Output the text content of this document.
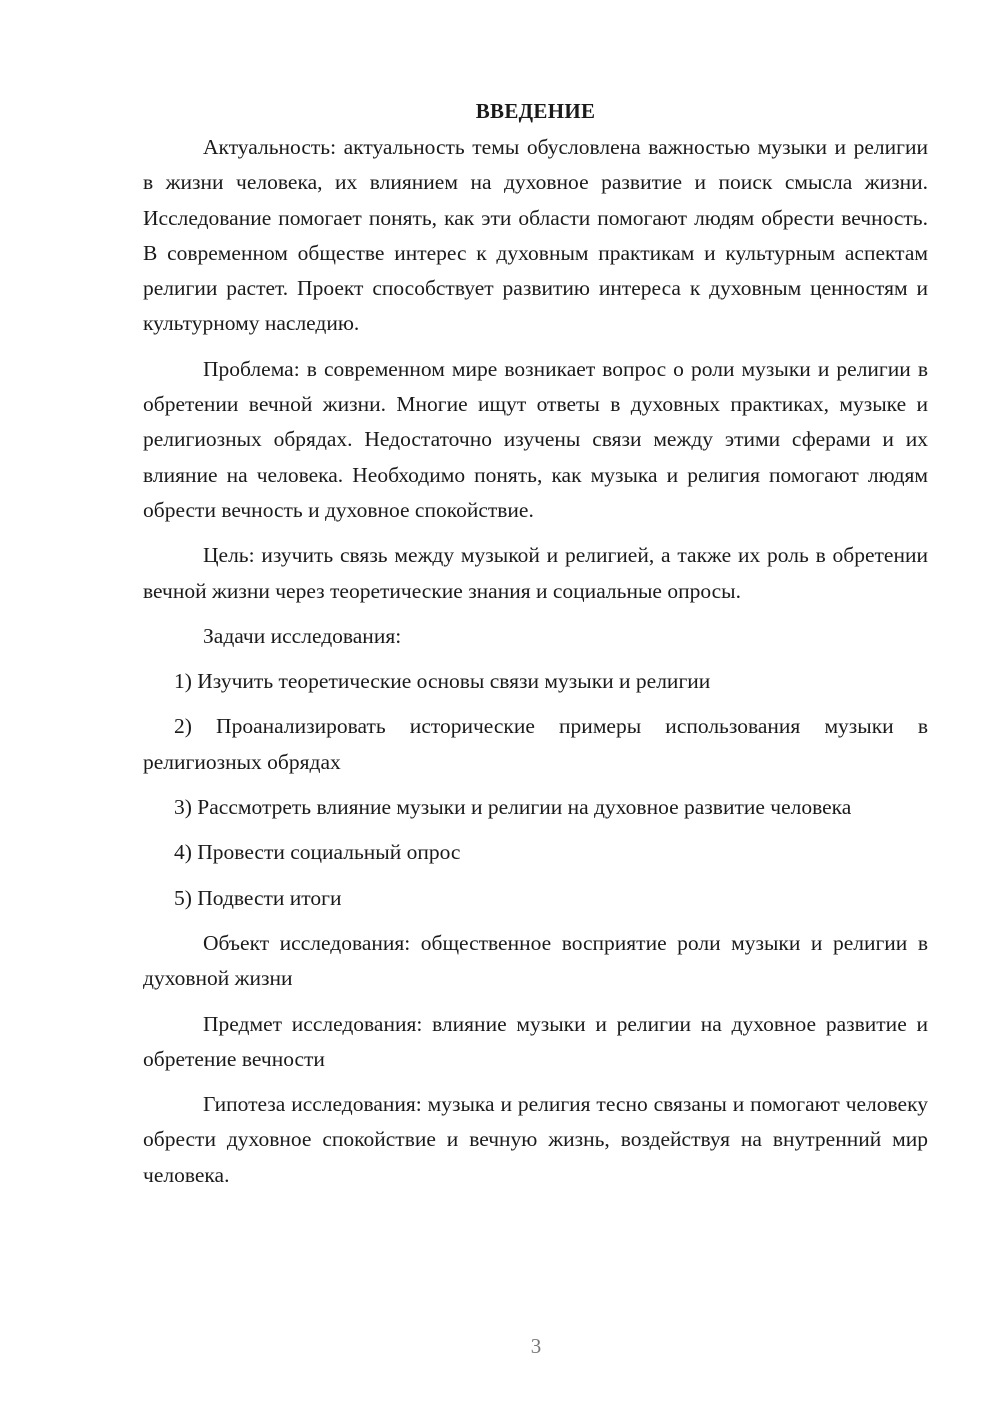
ВВЕДЕНИЕ

Актуальность: актуальность темы обусловлена важностью музыки и религии в жизни человека, их влиянием на духовное развитие и поиск смысла жизни. Исследование помогает понять, как эти области помогают людям обрести вечность. В современном обществе интерес к духовным практикам и культурным аспектам религии растет. Проект способствует развитию интереса к духовным ценностям и культурному наследию.

Проблема: в современном мире возникает вопрос о роли музыки и религии в обретении вечной жизни. Многие ищут ответы в духовных практиках, музыке и религиозных обрядах. Недостаточно изучены связи между этими сферами и их влияние на человека. Необходимо понять, как музыка и религия помогают людям обрести вечность и духовное спокойствие.

Цель: изучить связь между музыкой и религией, а также их роль в обретении вечной жизни через теоретические знания и социальные опросы.

Задачи исследования:

1) Изучить теоретические основы связи музыки и религии

2) Проанализировать исторические примеры использования музыки в религиозных обрядах

3) Рассмотреть влияние музыки и религии на духовное развитие человека

4) Провести социальный опрос

5) Подвести итоги

Объект исследования: общественное восприятие роли музыки и религии в духовной жизни

Предмет исследования: влияние музыки и религии на духовное развитие и обретение вечности

Гипотеза исследования: музыка и религия тесно связаны и помогают человеку обрести духовное спокойствие и вечную жизнь, воздействуя на внутренний мир человека.

3
